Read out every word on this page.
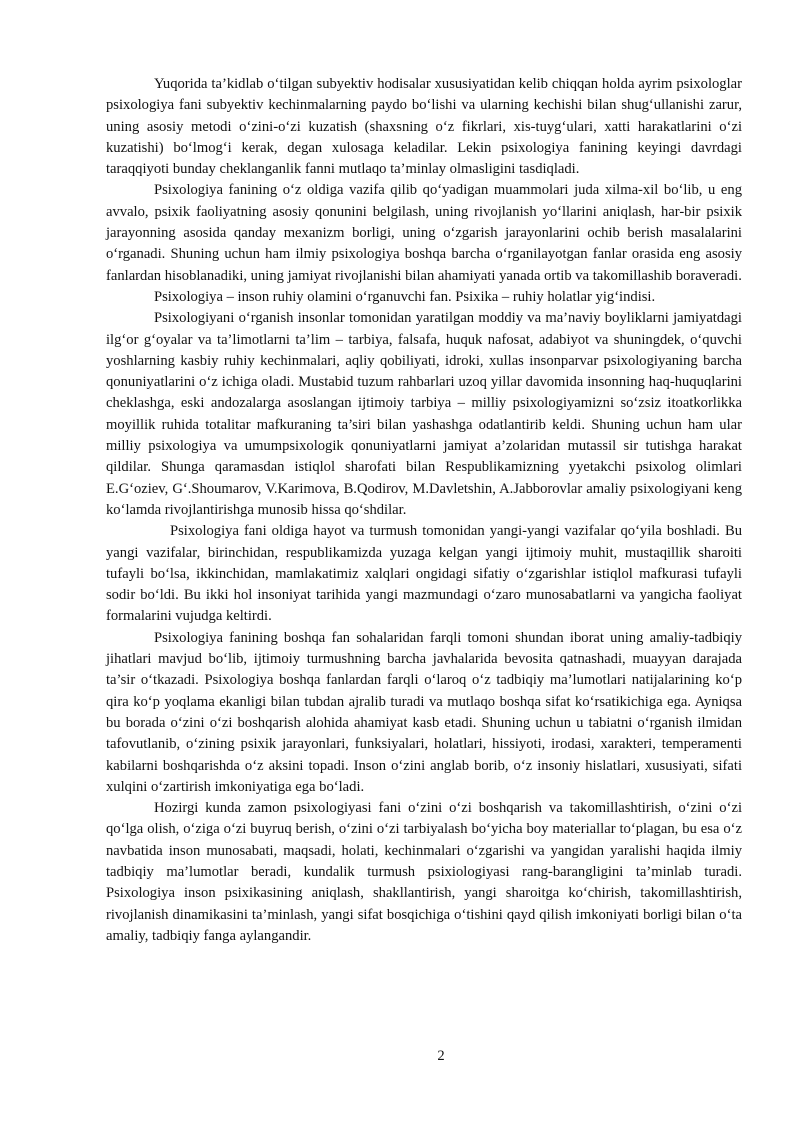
Yuqorida ta’kidlab o‘tilgan subyektiv hodisalar xususiyatidan kelib chiqqan holda ayrim psixologlar psixologiya fani subyektiv kechinmalarning paydo bo‘lishi va ularning kechishi bilan shug‘ullanishi zarur, uning asosiy metodi o‘zini-o‘zi kuzatish (shaxsning o‘z fikrlari, xis-tuyg‘ulari, xatti harakatlarini o‘zi kuzatishi) bo‘lmog‘i kerak, degan xulosaga keladilar. Lekin psixologiya fanining keyingi davrdagi taraqqiyoti bunday cheklanganlik fanni mutlaqo ta’minlay olmasligini tasdiqladi.

Psixologiya fanining o‘z oldiga vazifa qilib qo‘yadigan muammolari juda xilma-xil bo‘lib, u eng avvalo, psixik faoliyatning asosiy qonunini belgilash, uning rivojlanish yo‘llarini aniqlash, har-bir psixik jarayonning asosida qanday mexanizm borligi, uning o‘zgarish jarayonlarini ochib berish masalalarini o‘rganadi. Shuning uchun ham ilmiy psixologiya boshqa barcha o‘rganilayotgan fanlar orasida eng asosiy fanlardan hisoblanadiki, uning jamiyat rivojlanishi bilan ahamiyati yanada ortib va takomillashib boraveradi.

Psixologiya – inson ruhiy olamini o‘rganuvchi fan. Psixika – ruhiy holatlar yig‘indisi.

Psixologiyani o‘rganish insonlar tomonidan yaratilgan moddiy va ma’naviy boyliklarni jamiyatdagi ilg‘or g‘oyalar va ta’limotlarni ta’lim – tarbiya, falsafa, huquk nafosat, adabiyot va shuningdek, o‘quvchi yoshlarning kasbiy ruhiy kechinmalari, aqliy qobiliyati, idroki, xullas insonparvar psixologiyaning barcha qonuniyatlarini o‘z ichiga oladi. Mustabid tuzum rahbarlari uzoq yillar davomida insonning haq-huquqlarini cheklashga, eski andozalarga asoslangan ijtimoiy tarbiya – milliy psixologiyamizni so‘zsiz itoatkorlikka moyillik ruhida totalitar mafkuraning ta’siri bilan yashashga odatlantirib keldi. Shuning uchun ham ular milliy psixologiya va umumpsixologik qonuniyatlarni jamiyat a’zolaridan mutassil sir tutishga harakat qildilar. Shunga qaramasdan istiqlol sharofati bilan Respublikamizning yyetakchi psixolog olimlari E.G‘oziev, G‘.Shoumarov, V.Karimova, B.Qodirov, M.Davletshin, A.Jabborovlar amaliy psixologiyani keng ko‘lamda rivojlantirishga munosib hissa qo‘shdilar.

Psixologiya fani oldiga hayot va turmush tomonidan yangi-yangi vazifalar qo‘yila boshladi. Bu yangi vazifalar, birinchidan, respublikamizda yuzaga kelgan yangi ijtimoiy muhit, mustaqillik sharoiti tufayli bo‘lsa, ikkinchidan, mamlakatimiz xalqlari ongidagi sifatiy o‘zgarishlar istiqlol mafkurasi tufayli sodir bo‘ldi. Bu ikki hol insoniyat tarihida yangi mazmundagi o‘zaro munosabatlarni va yangicha faoliyat formalarini vujudga keltirdi.

Psixologiya fanining boshqa fan sohalaridan farqli tomoni shundan iborat uning amaliy-tadbiqiy jihatlari mavjud bo‘lib, ijtimoiy turmushning barcha javhalarida bevosita qatnashadi, muayyan darajada ta’sir o‘tkazadi. Psixologiya boshqa fanlardan farqli o‘laroq o‘z tadbiqiy ma’lumotlari natijalarining ko‘p qira ko‘p yoqlama ekanligi bilan tubdan ajralib turadi va mutlaqo boshqa sifat ko‘rsatikichiga ega. Ayniqsa bu borada o‘zini o‘zi boshqarish alohida ahamiyat kasb etadi. Shuning uchun u tabiatni o‘rganish ilmidan tafovutlanib, o‘zining psixik jarayonlari, funksiyalari, holatlari, hissiyoti, irodasi, xarakteri, temperamenti kabilarni boshqarishda o‘z aksini topadi. Inson o‘zini anglab borib, o‘z insoniy hislatlari, xususiyati, sifati xulqini o‘zartirish imkoniyatiga ega bo‘ladi.

Hozirgi kunda zamon psixologiyasi fani o‘zini o‘zi boshqarish va takomillashtirish, o‘zini o‘zi qo‘lga olish, o‘ziga o‘zi buyruq berish, o‘zini o‘zi tarbiyalash bo‘yicha boy materiallar to‘plagan, bu esa o‘z navbatida inson munosabati, maqsadi, holati, kechinmalari o‘zgarishi va yangidan yaralishi haqida ilmiy tadbiqiy ma’lumotlar beradi, kundalik turmush psixiologiyasi rang-barangligini ta’minlab turadi. Psixologiya inson psixikasining aniqlash, shakllantirish, yangi sharoitga ko‘chirish, takomillashtirish, rivojlanish dinamikasini ta’minlash, yangi sifat bosqichiga o‘tishini qayd qilish imkoniyati borligi bilan o‘ta amaliy, tadbiqiy fanga aylangandir.

2
